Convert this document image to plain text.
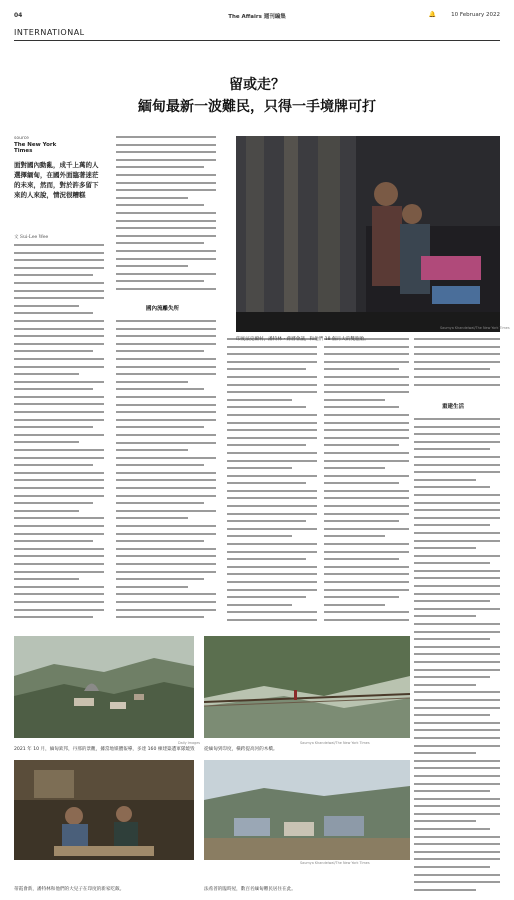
04	The Affairs 週刊編集	🔔	10 February 2022
INTERNATIONAL
留或走？
緬甸最新一波難民，只得一手境牌可打
source
The New York Times
面對國內動亂，成千上萬的人選擇緬甸，在國外面臨著迷茫的未來，然而，對於許多留下來的人來說，情況很糟糕
文 Sui-Lee Wee
國內流離失所
重建生活
Saumya Khandelwal/The New York Times
印度法克爾村，潘特林・蔣曆會議，和他們 18 個月大的雙胞胎。
Daily Images
2021 年 10 月，緬甸欽邦，丹那的景觀，據當地媒體報導，多達 160 棟建築遭軍隊燒毀
Saumya Khandelwal/The New York Times
從緬甸到印度，橫跨提高河的木橋。
蒂霞會新，潘特林和他們的大兒子在印度的新家吃飯。
Saumya Khandelwal/The New York Times
法希普的臨時屋，數百名緬甸難民居住在此。
